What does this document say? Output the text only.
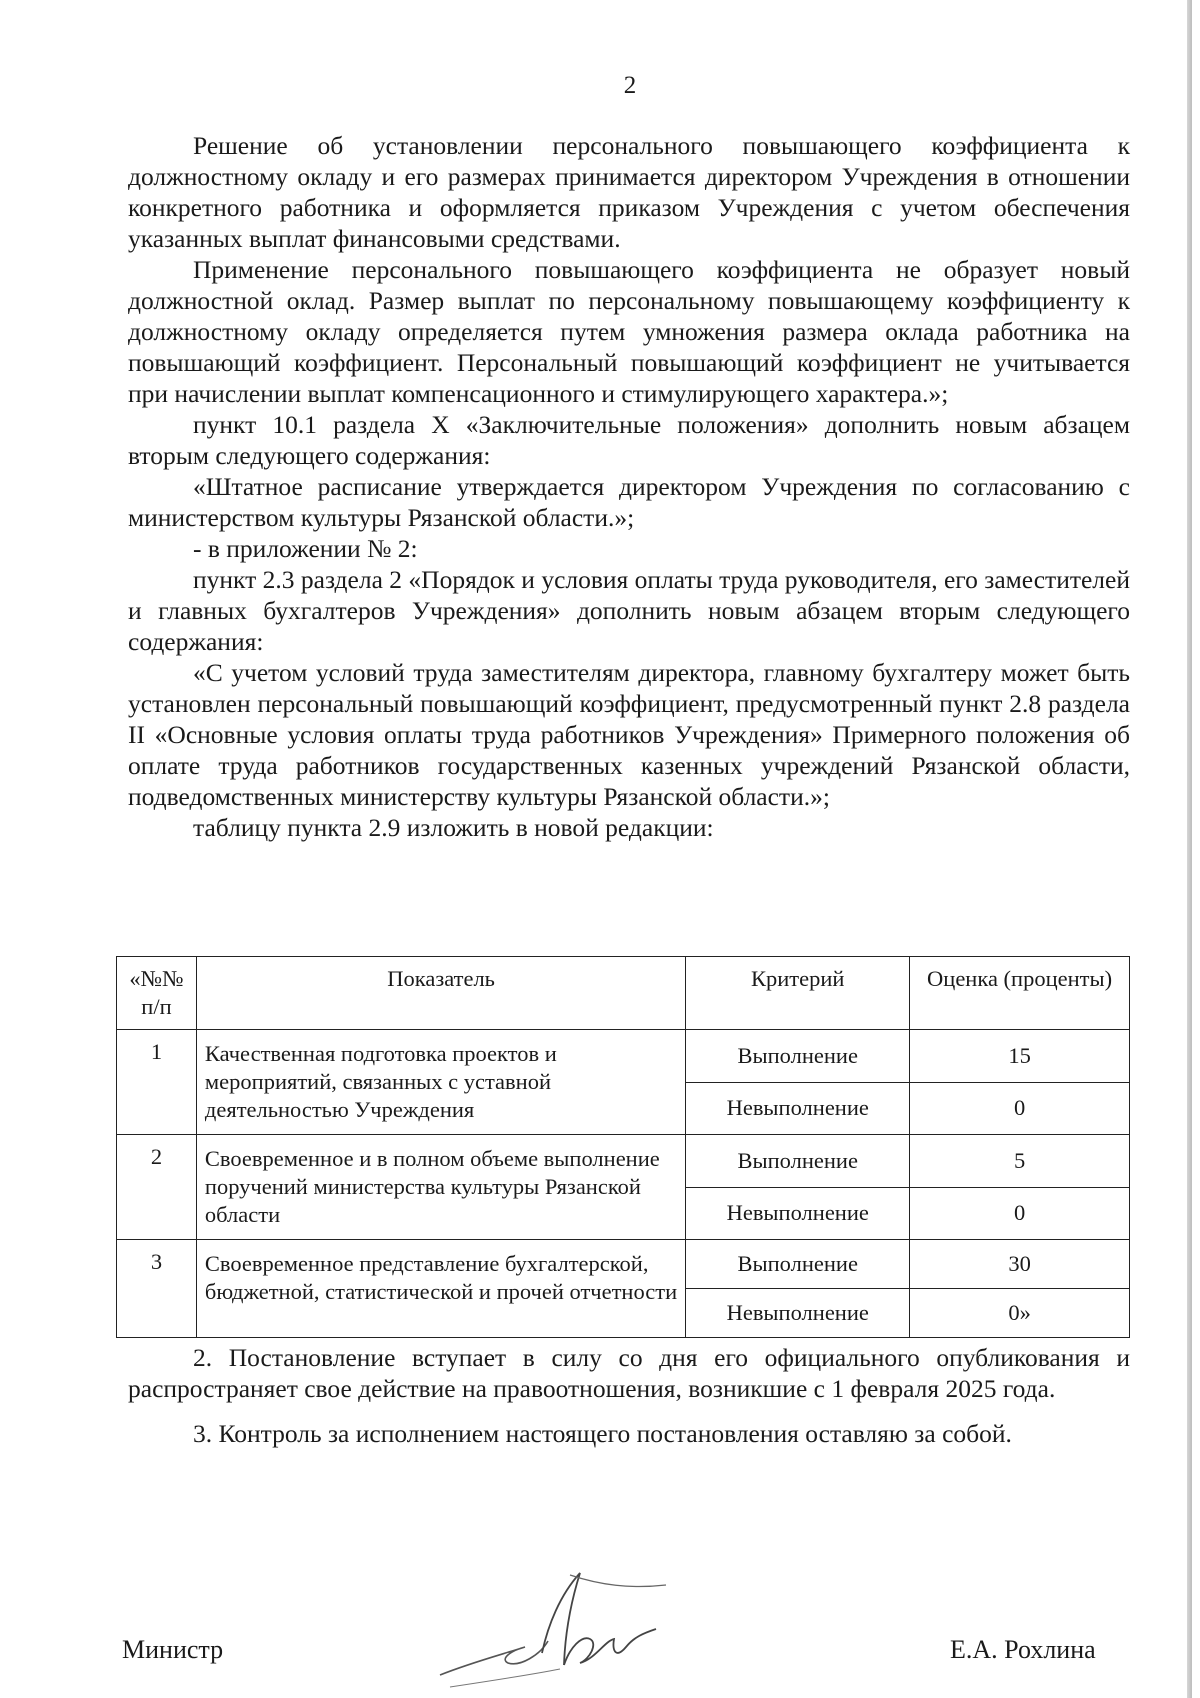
2

Решение об установлении персонального повышающего коэффициента к должностному окладу и его размерах принимается директором Учреждения в отношении конкретного работника и оформляется приказом Учреждения с учетом обеспечения указанных выплат финансовыми средствами.

Применение персонального повышающего коэффициента не образует новый должностной оклад. Размер выплат по персональному повышающему коэффициенту к должностному окладу определяется путем умножения размера оклада работника на повышающий коэффициент. Персональный повышающий коэффициент не учитывается при начислении выплат компенсационного и стимулирующего характера.»;

пункт 10.1 раздела X «Заключительные положения» дополнить новым абзацем вторым следующего содержания:

«Штатное расписание утверждается директором Учреждения по согласованию с министерством культуры Рязанской области.»;

- в приложении № 2:

пункт 2.3 раздела 2 «Порядок и условия оплаты труда руководителя, его заместителей и главных бухгалтеров Учреждения» дополнить новым абзацем вторым следующего содержания:

«С учетом условий труда заместителям директора, главному бухгалтеру может быть установлен персональный повышающий коэффициент, предусмотренный пункт 2.8 раздела II «Основные условия оплаты труда работников Учреждения» Примерного положения об оплате труда работников государственных казенных учреждений Рязанской области, подведомственных министерству культуры Рязанской области.»;

таблицу пункта 2.9 изложить в новой редакции:

«№№ п/п	Показатель	Критерий	Оценка (проценты)
1	Качественная подготовка проектов и мероприятий, связанных с уставной деятельностью Учреждения	Выполнение	15
		Невыполнение	0
2	Своевременное и в полном объеме выполнение поручений министерства культуры Рязанской области	Выполнение	5
		Невыполнение	0
3	Своевременное представление бухгалтерской, бюджетной, статистической и прочей отчетности	Выполнение	30
		Невыполнение	0»

2. Постановление вступает в силу со дня его официального опубликования и распространяет свое действие на правоотношения, возникшие с 1 февраля 2025 года.

3. Контроль за исполнением настоящего постановления оставляю за собой.

Министр	Е.А. Рохлина
